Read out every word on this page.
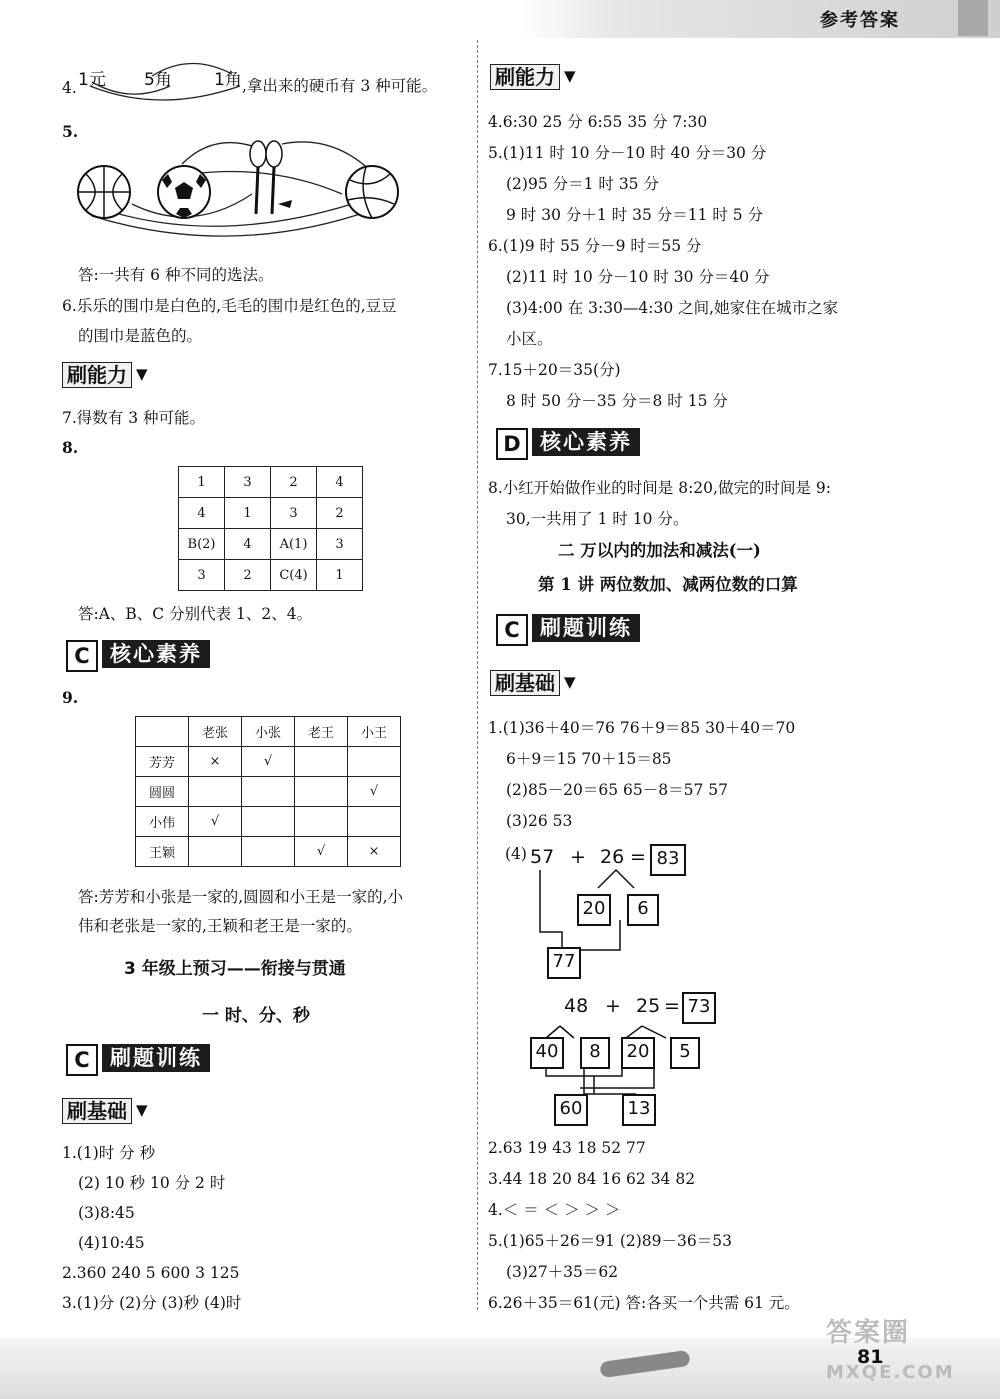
参考答案
4. 1元 5角 1角 ,拿出来的硬币有 3 种可能。
5.
答:一共有 6 种不同的选法。
6.乐乐的围巾是白色的,毛毛的围巾是红色的,豆豆
的围巾是蓝色的。
刷能力 ▼
7.得数有 3 种可能。
8.
1	3	2	4
4	1	3	2
B(2)	4	A(1)	3
3	2	C(4)	1
答:A、B、C 分别代表 1、2、4。
C 核心素养
9.
	老张	小张	老王	小王
芳芳	×	√		
圆圆				√
小伟	√			
王颖			√	×
答:芳芳和小张是一家的,圆圆和小王是一家的,小
伟和老张是一家的,王颖和老王是一家的。
3 年级上预习——衔接与贯通
一 时、分、秒
C 刷题训练
刷基础 ▼
1.(1)时 分 秒
(2) 10 秒 10 分 2 时
(3)8:45
(4)10:45
2.360 240 5 600 3 125
3.(1)分 (2)分 (3)秒 (4)时
刷能力 ▼
4.6:30 25 分 6:55 35 分 7:30
5.(1)11 时 10 分－10 时 40 分＝30 分
(2)95 分＝1 时 35 分
9 时 30 分＋1 时 35 分＝11 时 5 分
6.(1)9 时 55 分－9 时＝55 分
(2)11 时 10 分－10 时 30 分＝40 分
(3)4:00 在 3:30—4:30 之间,她家住在城市之家
小区。
7.15＋20＝35(分)
8 时 50 分－35 分＝8 时 15 分
D 核心素养
8.小红开始做作业的时间是 8:20,做完的时间是 9:
30,一共用了 1 时 10 分。
二 万以内的加法和减法(一)
第 1 讲 两位数加、减两位数的口算
C 刷题训练
刷基础 ▼
1.(1)36＋40＝76 76＋9＝85 30＋40＝70
6＋9＝15 70＋15＝85
(2)85－20＝65 65－8＝57 57
(3)26 53
(4) 57 + 26 = 83
20	6
77
48 + 25 = 73
40	8	20	5
60	13
2.63 19 43 18 52 77
3.44 18 20 84 16 62 34 82
4.＜ ＝ ＜ ＞ ＞ ＞
5.(1)65＋26＝91 (2)89－36＝53
(3)27＋35＝62
6.26＋35＝61(元) 答:各买一个共需 61 元。
81
答案圈
MXQE.COM
